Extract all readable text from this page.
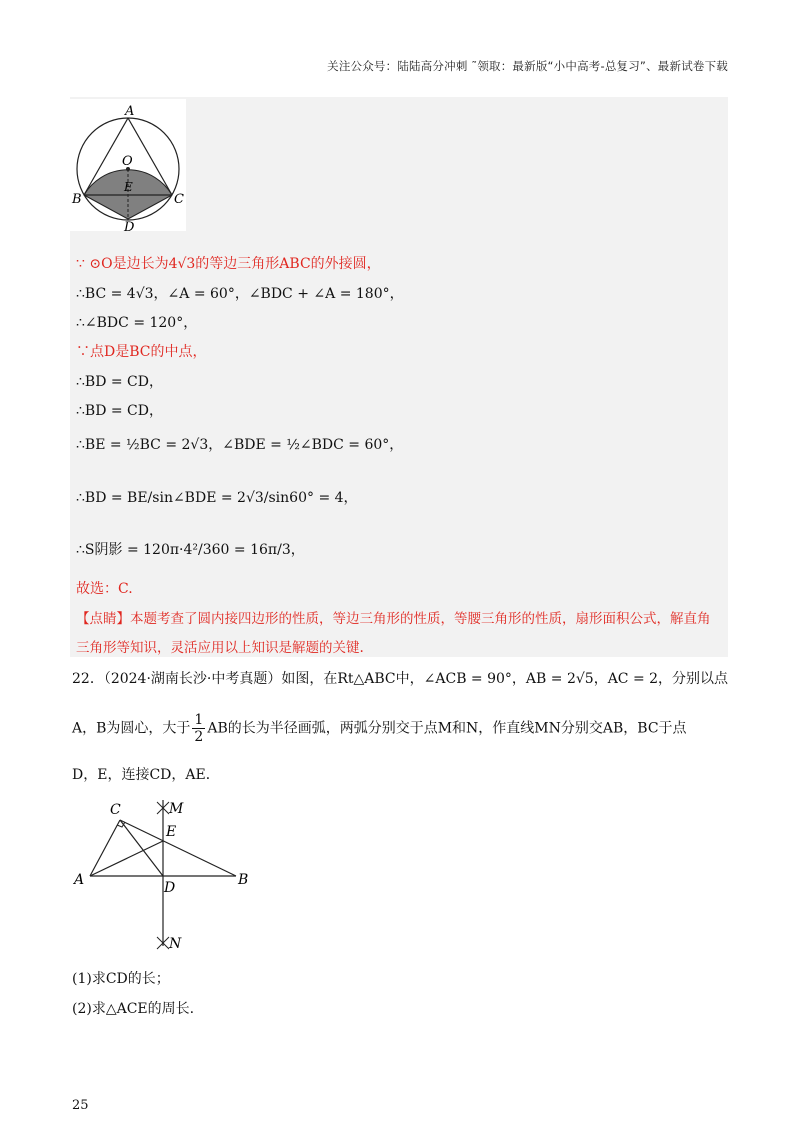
关注公众号：陆陆高分冲刺 ˜领取：最新版“小中高考-总复习”、最新试卷下载
A
O
E
B	C
D
∵ ⊙O是边长为4√3的等边三角形ABC的外接圆，
∴BC = 4√3，∠A = 60°，∠BDC + ∠A = 180°，
∴∠BDC = 120°，
∵点D是BC的中点，
∴BD = CD，
∴BD = CD，
∴BE = ½BC = 2√3，∠BDE = ½∠BDC = 60°，
∴BD = BE/sin∠BDE = 2√3/sin60° = 4，
∴S阴影 = 120π·4²/360 = 16π/3，
故选：C.
【点睛】本题考查了圆内接四边形的性质，等边三角形的性质，等腰三角形的性质，扇形面积公式，解直角三角形等知识，灵活应用以上知识是解题的关键.
22．（2024·湖南长沙·中考真题）如图，在Rt△ABC中，∠ACB = 90°，AB = 2√5，AC = 2，分别以点
A，B为圆心，大于 $\frac{1}{2}$ AB的长为半径画弧，两弧分别交于点M和N，作直线MN分别交AB，BC于点
D，E，连接CD，AE．
C	M
E
A	D	B
N
(1)求CD的长；
(2)求△ACE的周长.
25
